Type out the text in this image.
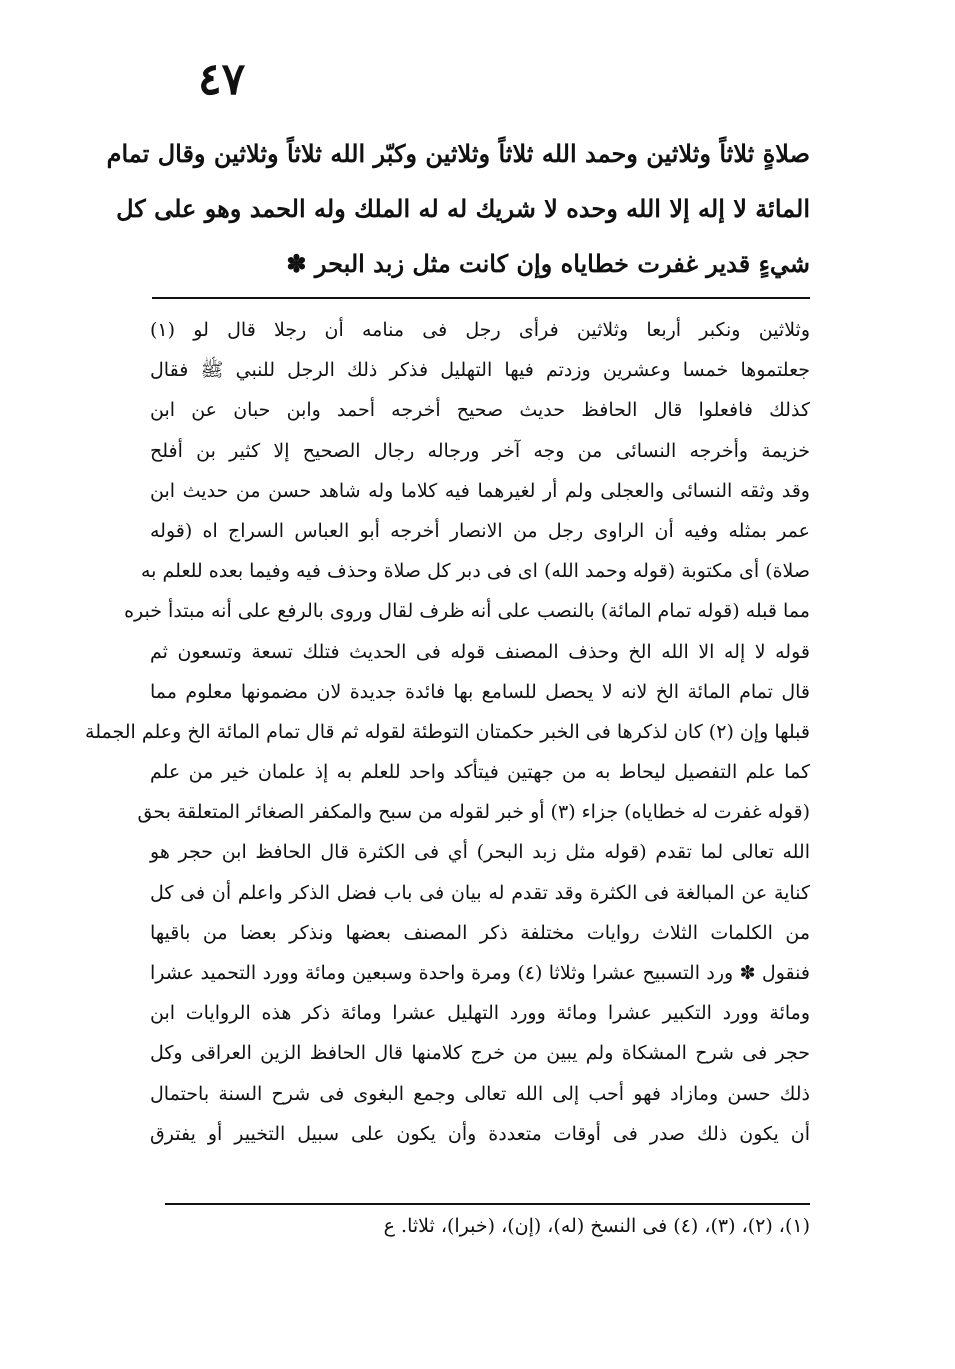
٤٧
صلاةٍ ثلاثاً وثلاثين وحمد الله ثلاثاً وثلاثين وكبّر الله ثلاثاً وثلاثين وقال تمام
المائة لا إله إلا الله وحده لا شريك له له الملك وله الحمد وهو على كل
شيءٍ قدير غفرت خطاياه وإن كانت مثل زبد البحر ✽
وثلاثين ونكبر أربعا وثلاثين فرأى رجل فى منامه أن رجلا قال لو (١)
جعلتموها خمسا وعشرين وزدتم فيها التهليل فذكر ذلك الرجل للنبي ﷺ فقال
كذلك فافعلوا قال الحافظ حديث صحيح أخرجه أحمد وابن حبان عن ابن
خزيمة وأخرجه النسائى من وجه آخر ورجاله رجال الصحيح إلا كثير بن أفلح
وقد وثقه النسائى والعجلى ولم أر لغيرهما فيه كلاما وله شاهد حسن من حديث ابن
عمر بمثله وفيه أن الراوى رجل من الانصار أخرجه أبو العباس السراج اه (قوله
صلاة) أى مكتوبة (قوله وحمد الله) اى فى دبر كل صلاة وحذف فيه وفيما بعده للعلم به
مما قبله (قوله تمام المائة) بالنصب على أنه ظرف لقال وروى بالرفع على أنه مبتدأ خبره
قوله لا إله الا الله الخ وحذف المصنف قوله فى الحديث فتلك تسعة وتسعون ثم
قال تمام المائة الخ لانه لا يحصل للسامع بها فائدة جديدة لان مضمونها معلوم مما
قبلها وإن (٢) كان لذكرها فى الخبر حكمتان التوطئة لقوله ثم قال تمام المائة الخ وعلم الجملة
كما علم التفصيل ليحاط به من جهتين فيتأكد واحد للعلم به إذ علمان خير من علم
(قوله غفرت له خطاياه) جزاء (٣) أو خبر لقوله من سبح والمكفر الصغائر المتعلقة بحق
الله تعالى لما تقدم (قوله مثل زبد البحر) أي فى الكثرة قال الحافظ ابن حجر هو
كناية عن المبالغة فى الكثرة وقد تقدم له بيان فى باب فضل الذكر واعلم أن فى كل
من الكلمات الثلاث روايات مختلفة ذكر المصنف بعضها ونذكر بعضا من باقيها
فنقول ✽ ورد التسبيح عشرا وثلاثا (٤) ومرة واحدة وسبعين ومائة وورد التحميد عشرا
ومائة وورد التكبير عشرا ومائة وورد التهليل عشرا ومائة ذكر هذه الروايات ابن
حجر فى شرح المشكاة ولم يبين من خرج كلامنها قال الحافظ الزين العراقى وكل
ذلك حسن ومازاد فهو أحب إلى الله تعالى وجمع البغوى فى شرح السنة باحتمال
أن يكون ذلك صدر فى أوقات متعددة وأن يكون على سبيل التخيير أو يفترق
(١)، (٢)، (٣)، (٤) فى النسخ (له)، (إن)، (خبرا)، ثلاثا. ع
